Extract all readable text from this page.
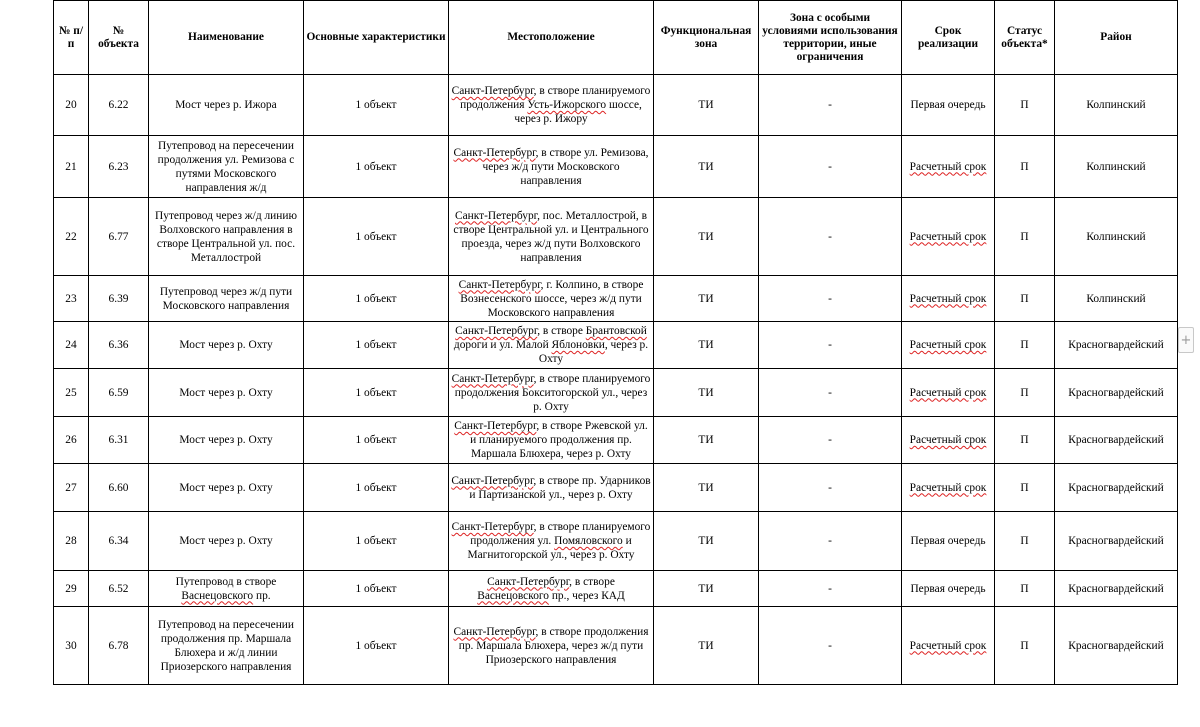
№ п/п	№ объекта	Наименование	Основные характеристики	Местоположение	Функциональная зона	Зона с особыми условиями использования территории, иные ограничения	Срок реализации	Статус объекта*	Район
20	6.22	Мост через р. Ижора	1 объект	Санкт-Петербург, в створе планируемого продолжения Усть-Ижорского шоссе, через р. Ижору	ТИ	-	Первая очередь	П	Колпинский
21	6.23	Путепровод на пересечении продолжения ул. Ремизова с путями Московского направления ж/д	1 объект	Санкт-Петербург, в створе ул. Ремизова, через ж/д пути Московского направления	ТИ	-	Расчетный срок	П	Колпинский
22	6.77	Путепровод через ж/д линию Волховского направления в створе Центральной ул. пос. Металлострой	1 объект	Санкт-Петербург, пос. Металлострой, в створе Центральной ул. и Центрального проезда, через ж/д пути Волховского направления	ТИ	-	Расчетный срок	П	Колпинский
23	6.39	Путепровод через ж/д пути Московского направления	1 объект	Санкт-Петербург, г. Колпино, в створе Вознесенского шоссе, через ж/д пути Московского направления	ТИ	-	Расчетный срок	П	Колпинский
24	6.36	Мост через р. Охту	1 объект	Санкт-Петербург, в створе Брантовской дороги и ул. Малой Яблоновки, через р. Охту	ТИ	-	Расчетный срок	П	Красногвардейский
25	6.59	Мост через р. Охту	1 объект	Санкт-Петербург, в створе планируемого продолжения Бокситогорской ул., через р. Охту	ТИ	-	Расчетный срок	П	Красногвардейский
26	6.31	Мост через р. Охту	1 объект	Санкт-Петербург, в створе Ржевской ул. и планируемого продолжения пр. Маршала Блюхера, через р. Охту	ТИ	-	Расчетный срок	П	Красногвардейский
27	6.60	Мост через р. Охту	1 объект	Санкт-Петербург, в створе пр. Ударников и Партизанской ул., через р. Охту	ТИ	-	Расчетный срок	П	Красногвардейский
28	6.34	Мост через р. Охту	1 объект	Санкт-Петербург, в створе планируемого продолжения ул. Помяловского и Магнитогорской ул., через р. Охту	ТИ	-	Первая очередь	П	Красногвардейский
29	6.52	Путепровод в створе Васнецовского пр.	1 объект	Санкт-Петербург, в створе Васнецовского пр., через КАД	ТИ	-	Первая очередь	П	Красногвардейский
30	6.78	Путепровод на пересечении продолжения пр. Маршала Блюхера и ж/д линии Приозерского направления	1 объект	Санкт-Петербург, в створе продолжения пр. Маршала Блюхера, через ж/д пути Приозерского направления	ТИ	-	Расчетный срок	П	Красногвардейский
+
